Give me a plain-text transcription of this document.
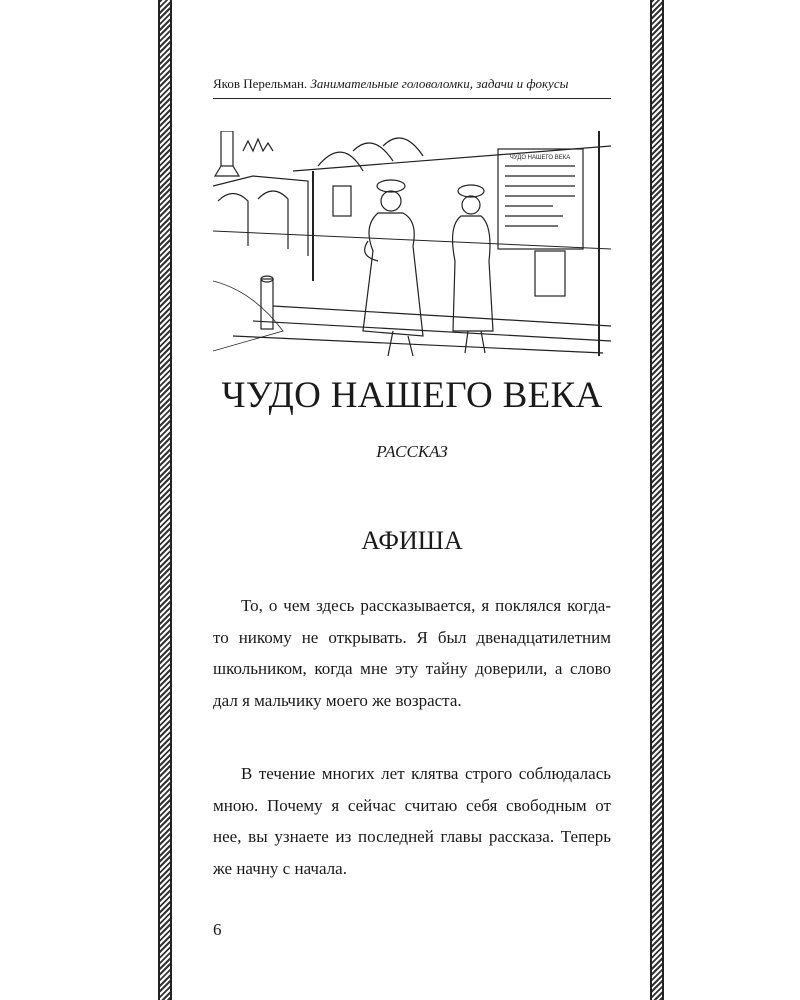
Яков Перельман. Занимательные головоломки, задачи и фокусы
ЧУДО НАШЕГО ВЕКА
ЧУДО НАШЕГО ВЕКА
РАССКАЗ
АФИША

То, о чем здесь рассказывается, я поклялся когда-то никому не открывать. Я был двенадцатилетним школьником, когда мне эту тайну доверили, а слово дал я мальчику моего же возраста.

В течение многих лет клятва строго соблюдалась мною. Почему я сейчас считаю себя свободным от нее, вы узнаете из последней главы рассказа. Теперь же начну с начала.

6
